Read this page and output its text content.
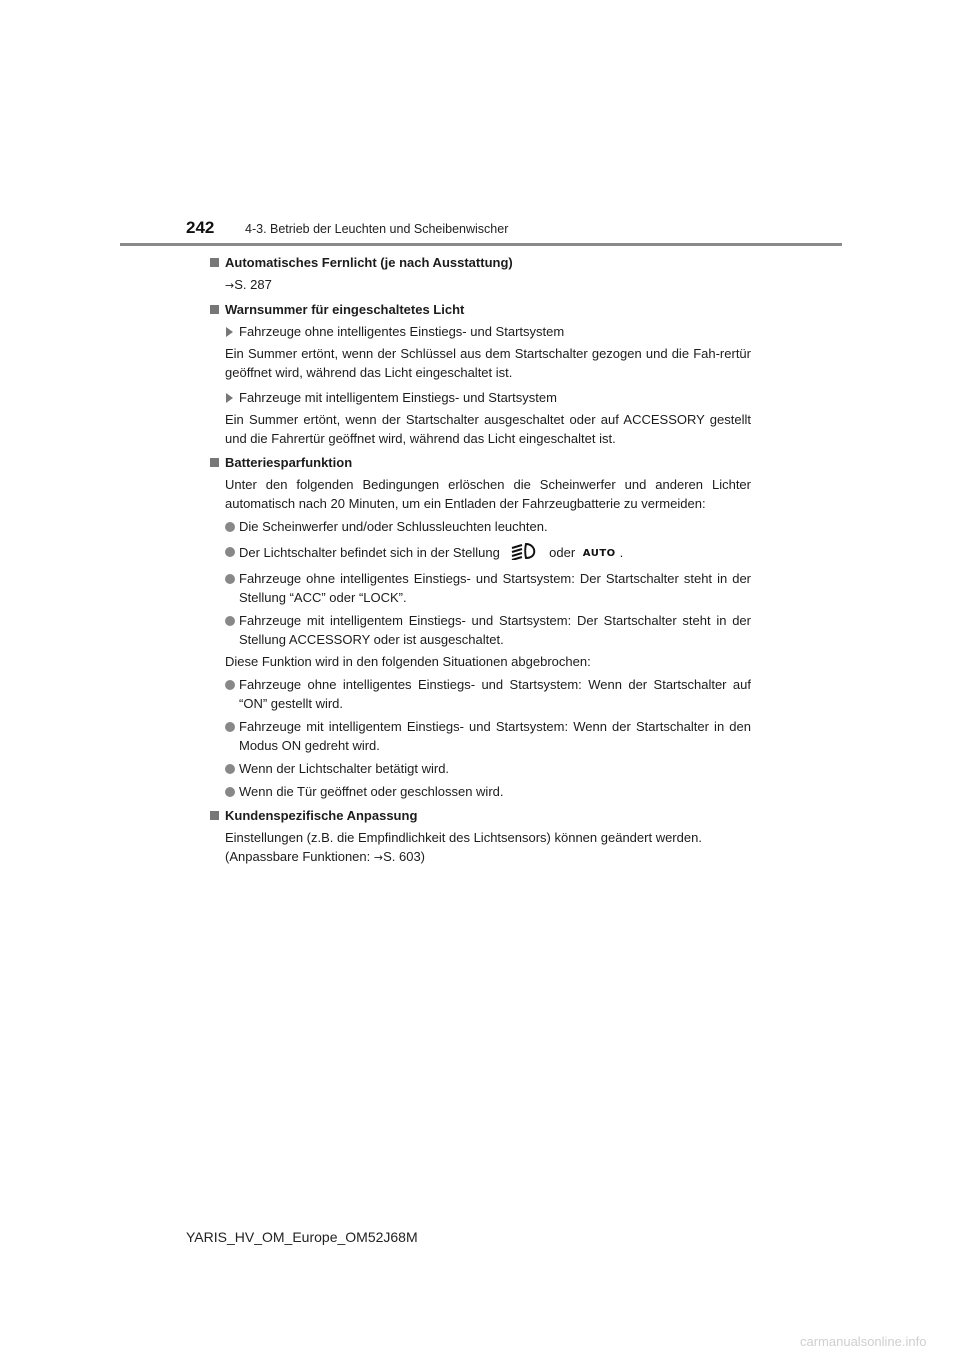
242 4-3. Betrieb der Leuchten und Scheibenwischer
Automatisches Fernlicht (je nach Ausstattung)
→S. 287
Warnsummer für eingeschaltetes Licht
Fahrzeuge ohne intelligentes Einstiegs- und Startsystem
Ein Summer ertönt, wenn der Schlüssel aus dem Startschalter gezogen und die Fah-rertür geöffnet wird, während das Licht eingeschaltet ist.
Fahrzeuge mit intelligentem Einstiegs- und Startsystem
Ein Summer ertönt, wenn der Startschalter ausgeschaltet oder auf ACCESSORY gestellt und die Fahrertür geöffnet wird, während das Licht eingeschaltet ist.
Batteriesparfunktion
Unter den folgenden Bedingungen erlöschen die Scheinwerfer und anderen Lichter automatisch nach 20 Minuten, um ein Entladen der Fahrzeugbatterie zu vermeiden:
Die Scheinwerfer und/oder Schlussleuchten leuchten.
Der Lichtschalter befindet sich in der Stellung	oder AUTO .
Fahrzeuge ohne intelligentes Einstiegs- und Startsystem: Der Startschalter steht in der Stellung “ACC” oder “LOCK”.
Fahrzeuge mit intelligentem Einstiegs- und Startsystem: Der Startschalter steht in der Stellung ACCESSORY oder ist ausgeschaltet.
Diese Funktion wird in den folgenden Situationen abgebrochen:
Fahrzeuge ohne intelligentes Einstiegs- und Startsystem: Wenn der Startschalter auf “ON” gestellt wird.
Fahrzeuge mit intelligentem Einstiegs- und Startsystem: Wenn der Startschalter in den Modus ON gedreht wird.
Wenn der Lichtschalter betätigt wird.
Wenn die Tür geöffnet oder geschlossen wird.
Kundenspezifische Anpassung
Einstellungen (z.B. die Empfindlichkeit des Lichtsensors) können geändert werden.
(Anpassbare Funktionen: →S. 603)
YARIS_HV_OM_Europe_OM52J68M
carmanualsonline.info
